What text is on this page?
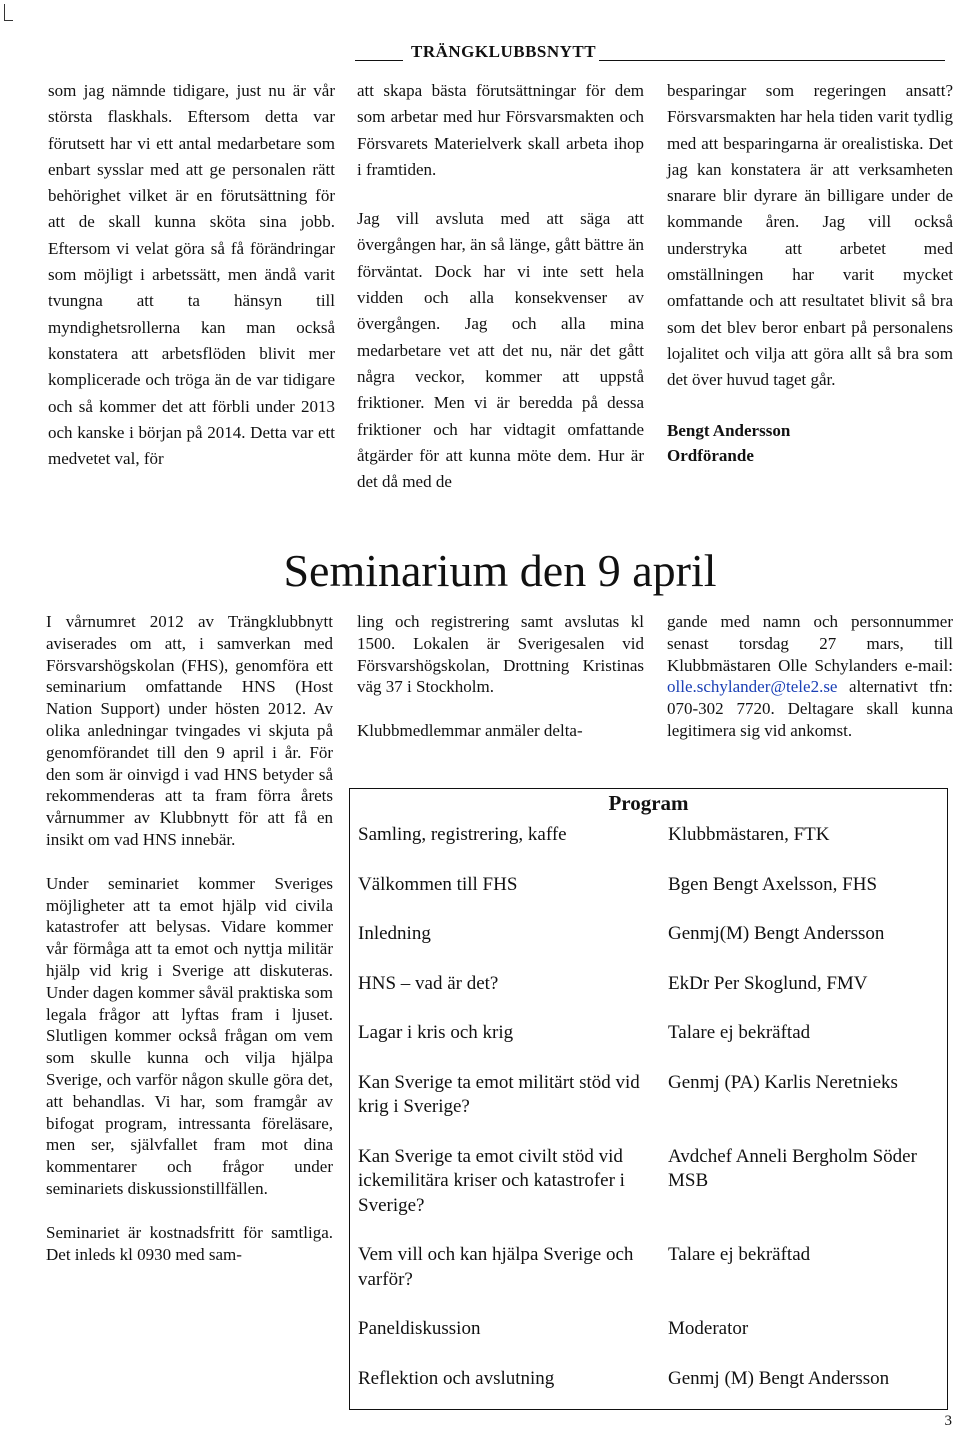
TRÄNGKLUBBSNYTT

som jag nämnde tidigare, just nu är vår största flaskhals. Eftersom detta var förutsett har vi ett antal medarbetare som enbart sysslar med att ge personalen rätt behörighet vilket är en förutsättning för att de skall kunna sköta sina jobb. Eftersom vi velat göra så få förändringar som möjligt i arbetssätt, men ändå varit tvungna att ta hänsyn till myndighetsrollerna kan man också konstatera att arbetsflöden blivit mer komplicerade och tröga än de var tidigare och så kommer det att förbli under 2013 och kanske i början på 2014. Detta var ett medvetet val, för

att skapa bästa förutsättningar för dem som arbetar med hur Försvarsmakten och Försvarets Materielverk skall arbeta ihop i framtiden.

Jag vill avsluta med att säga att övergången har, än så länge, gått bättre än förväntat. Dock har vi inte sett hela vidden och alla konsekvenser av övergången. Jag och alla mina medarbetare vet att det nu, när det gått några veckor, kommer att uppstå friktioner. Men vi är beredda på dessa friktioner och har vidtagit omfattande åtgärder för att kunna möte dem. Hur är det då med de

besparingar som regeringen ansatt? Försvarsmakten har hela tiden varit tydlig med att besparingarna är orealistiska. Det jag kan konstatera är att verksamheten snarare blir dyrare än billigare under de kommande åren. Jag vill också understryka att arbetet med omställningen har varit mycket omfattande och att resultatet blivit så bra som det blev beror enbart på personalens lojalitet och vilja att göra allt så bra som det över huvud taget går.

Bengt Andersson
Ordförande
Seminarium den 9 april

I vårnumret 2012 av Trängklubbnytt aviserades om att, i samverkan med Försvarshögskolan (FHS), genomföra ett seminarium omfattande HNS (Host Nation Support) under hösten 2012. Av olika anledningar tvingades vi skjuta på genomförandet till den 9 april i år. För den som är oinvigd i vad HNS betyder så rekommenderas att ta fram förra årets vårnummer av Klubbnytt för att få en insikt om vad HNS innebär.

Under seminariet kommer Sveriges möjligheter att ta emot hjälp vid civila katastrofer att belysas. Vidare kommer vår förmåga att ta emot och nyttja militär hjälp vid krig i Sverige att diskuteras. Under dagen kommer såväl praktiska som legala frågor att lyftas fram i ljuset. Slutligen kommer också frågan om vem som skulle kunna och vilja hjälpa Sverige, och varför någon skulle göra det, att behandlas. Vi har, som framgår av bifogat program, intressanta föreläsare, men ser, självfallet fram mot dina kommentarer och frågor under seminariets diskussionstillfällen.

Seminariet är kostnadsfritt för samtliga. Det inleds kl 0930 med sam-

ling och registrering samt avslutas kl 1500. Lokalen är Sverigesalen vid Försvarshögskolan, Drottning Kristinas väg 37 i Stockholm.

Klubbmedlemmar anmäler delta-

gande med namn och personnummer senast torsdag 27 mars, till Klubbmästaren Olle Schylanders e-mail: olle.schylander@tele2.se alternativt tfn: 070-302 7720. Deltagare skall kunna legitimera sig vid ankomst.

Program
Samling, registrering, kaffe	Klubbmästaren, FTK

Välkommen till FHS	Bgen Bengt Axelsson, FHS

Inledning	Genmj(M) Bengt Andersson

HNS – vad är det?	EkDr Per Skoglund, FMV

Lagar i kris och krig	Talare ej bekräftad

Kan Sverige ta emot militärt stöd vid krig i Sverige?	Genmj (PA) Karlis Neretnieks

Kan Sverige ta emot civilt stöd vid ickemilitära kriser och katastrofer i Sverige?	Avdchef Anneli Bergholm Söder MSB

Vem vill och kan hjälpa Sverige och varför?	Talare ej bekräftad

Paneldiskussion	Moderator

Reflektion och avslutning	Genmj (M) Bengt Andersson
3
